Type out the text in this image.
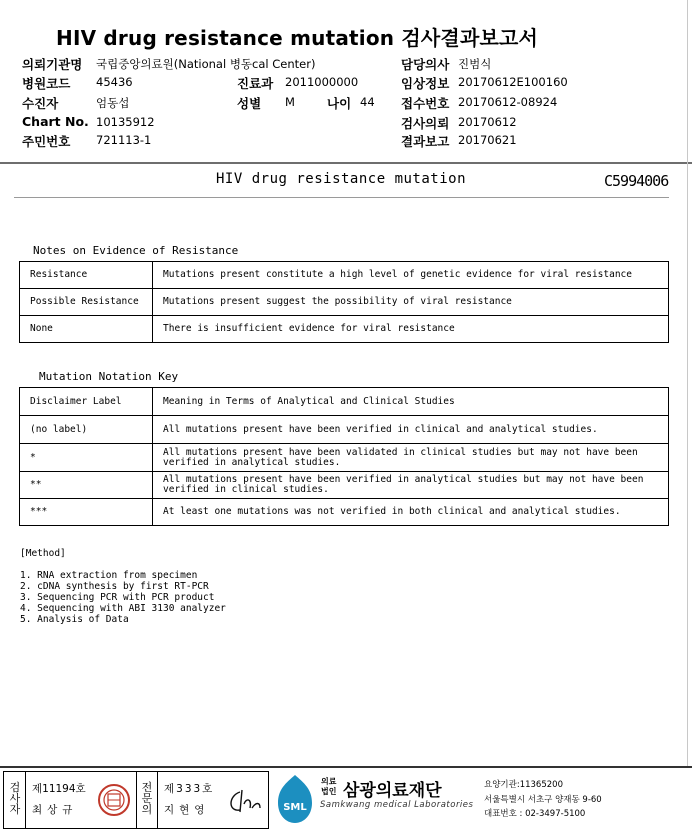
HIV drug resistance mutation 검사결과보고서
의뢰기관명 국립중앙의료원(National 병동cal Center)
병원코드 45436
수진자	엄동섭
Chart No. 10135912
주민번호 721113-1
진료과 2011000000
성별 M	나이 44
담당의사 진범식
임상정보 20170612E100160
접수번호 20170612-08924
검사의뢰 20170612
결과보고 20170621
HIV drug resistance mutation	C5994006
Notes on Evidence of Resistance
Resistance	Mutations present constitute a high level of genetic evidence for viral resistance
Possible Resistance	Mutations present suggest the possibility of viral resistance
None	There is insufficient evidence for viral resistance
Mutation Notation Key
Disclaimer Label	Meaning in Terms of Analytical and Clinical Studies
(no label)	All mutations present have been verified in clinical and analytical studies.
*	All mutations present have been validated in clinical studies but may not have been verified in analytical studies.
**	All mutations present have been verified in analytical studies but may not have been verified in clinical studies.
***	At least one mutations was not verified in both clinical and analytical studies.
[Method]
1. RNA extraction from specimen
2. cDNA synthesis by first RT-PCR
3. Sequencing PCR with PCR product
4. Sequencing with ABI 3130 analyzer
5. Analysis of Data
검
사
자
제11194호
최상규
전
문
의
제333호
지현영	SML
의료
법인 삼광의료재단
Samkwang medical Laboratories
요양기관:11365200
서울특별시 서초구 양재동 9-60
대표번호 : 02-3497-5100
